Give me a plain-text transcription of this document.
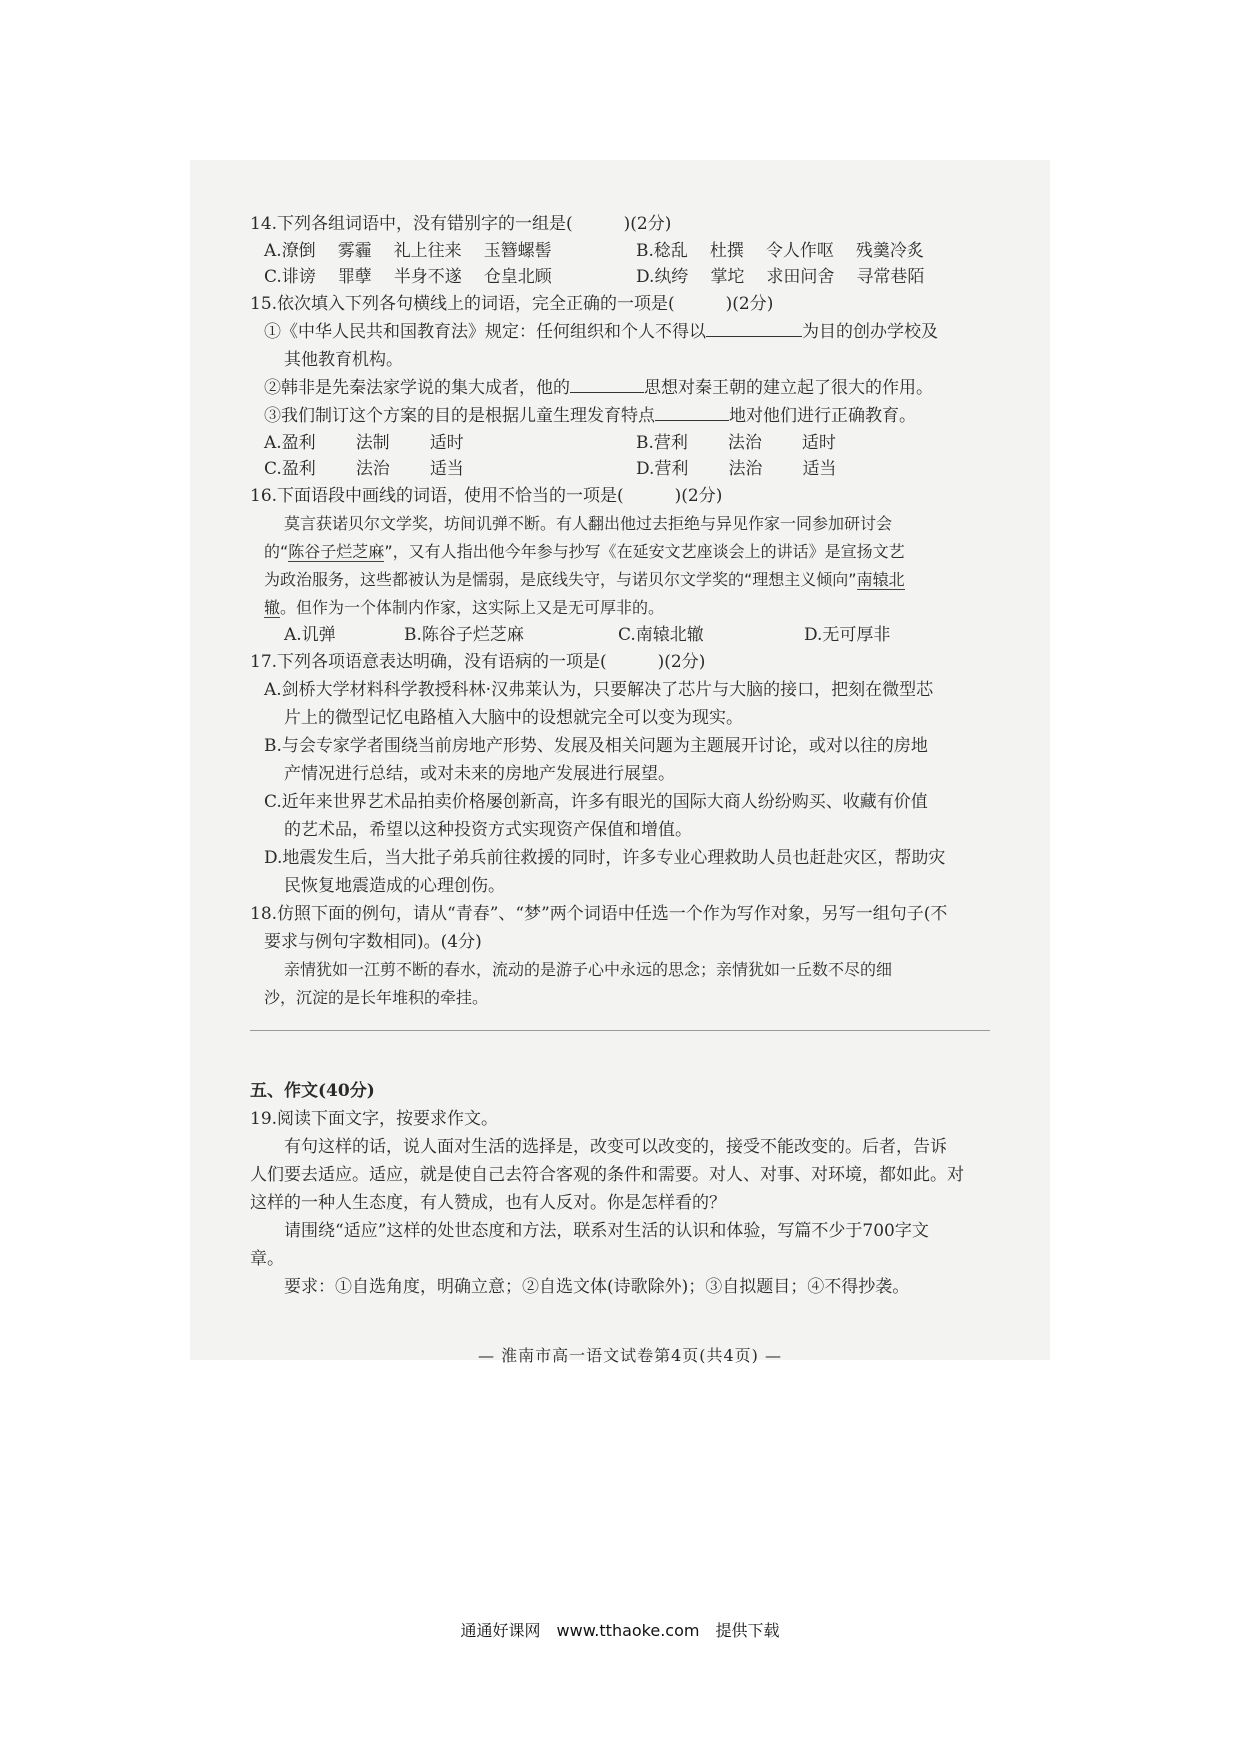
14.下列各组词语中，没有错别字的一组是(　　　)(2分)
A.潦倒 雾霾 礼上往来 玉簪螺髻	B.稔乱 杜撰 令人作呕 残羹冷炙
C.诽谤 罪孽 半身不遂 仓皇北顾	D.纨绔 掌坨 求田问舍 寻常巷陌
15.依次填入下列各句横线上的词语，完全正确的一项是(　　　)(2分)
①《中华人民共和国教育法》规定：任何组织和个人不得以	为目的创办学校及
其他教育机构。
②韩非是先秦法家学说的集大成者，他的	思想对秦王朝的建立起了很大的作用。
③我们制订这个方案的目的是根据儿童生理发育特点	地对他们进行正确教育。
A.盈利 法制 适时	B.营利 法治 适时
C.盈利 法治 适当	D.营利 法治 适当
16.下面语段中画线的词语，使用不恰当的一项是(　　　)(2分)
莫言获诺贝尔文学奖，坊间讥弹不断。有人翻出他过去拒绝与异见作家一同参加研讨会
的“陈谷子烂芝麻”，又有人指出他今年参与抄写《在延安文艺座谈会上的讲话》是宣扬文艺
为政治服务，这些都被认为是懦弱，是底线失守，与诺贝尔文学奖的“理想主义倾向”南辕北
辙。但作为一个体制内作家，这实际上又是无可厚非的。
A.讥弹	B.陈谷子烂芝麻	C.南辕北辙	D.无可厚非
17.下列各项语意表达明确，没有语病的一项是(　　　)(2分)
A.剑桥大学材料科学教授科林·汉弗莱认为，只要解决了芯片与大脑的接口，把刻在微型芯
片上的微型记忆电路植入大脑中的设想就完全可以变为现实。
B.与会专家学者围绕当前房地产形势、发展及相关问题为主题展开讨论，或对以往的房地
产情况进行总结，或对未来的房地产发展进行展望。
C.近年来世界艺术品拍卖价格屡创新高，许多有眼光的国际大商人纷纷购买、收藏有价值
的艺术品，希望以这种投资方式实现资产保值和增值。
D.地震发生后，当大批子弟兵前往救援的同时，许多专业心理救助人员也赶赴灾区，帮助灾
民恢复地震造成的心理创伤。
18.仿照下面的例句，请从“青春”、“梦”两个词语中任选一个作为写作对象，另写一组句子(不
要求与例句字数相同)。(4分)
亲情犹如一江剪不断的春水，流动的是游子心中永远的思念；亲情犹如一丘数不尽的细
沙，沉淀的是长年堆积的牵挂。
五、作文(40分)
19.阅读下面文字，按要求作文。
有句这样的话，说人面对生活的选择是，改变可以改变的，接受不能改变的。后者，告诉
人们要去适应。适应，就是使自己去符合客观的条件和需要。对人、对事、对环境，都如此。对
这样的一种人生态度，有人赞成，也有人反对。你是怎样看的？
请围绕“适应”这样的处世态度和方法，联系对生活的认识和体验，写篇不少于700字文
章。
要求：①自选角度，明确立意；②自选文体(诗歌除外)；③自拟题目；④不得抄袭。
— 淮南市高一语文试卷第4页(共4页) —
通通好课网　www.tthaoke.com　提供下载
